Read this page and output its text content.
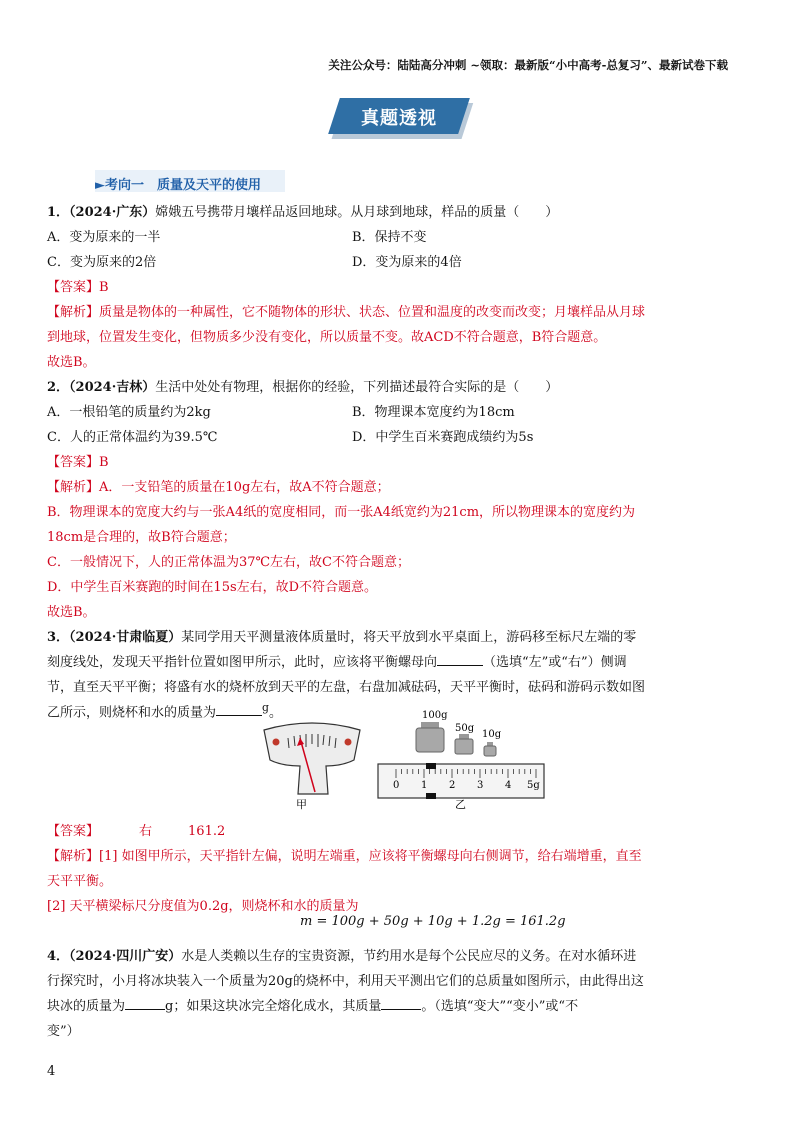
关注公众号：陆陆高分冲刺 ~领取：最新版“小中高考-总复习”、最新试卷下载
真题透视
►考向一　质量及天平的使用
1．（2024·广东）嫦娥五号携带月壤样品返回地球。从月球到地球，样品的质量（　　）
A．变为原来的一半	B．保持不变
C．变为原来的2倍	D．变为原来的4倍
【答案】B
【解析】质量是物体的一种属性，它不随物体的形状、状态、位置和温度的改变而改变；月壤样品从月球
到地球，位置发生变化，但物质多少没有变化，所以质量不变。故ACD不符合题意，B符合题意。
故选B。
2．（2024·吉林）生活中处处有物理，根据你的经验，下列描述最符合实际的是（　　）
A．一根铅笔的质量约为2kg	B．物理课本宽度约为18cm
C．人的正常体温约为39.5℃	D．中学生百米赛跑成绩约为5s
【答案】B
【解析】A．一支铅笔的质量在10g左右，故A不符合题意；
B．物理课本的宽度大约与一张A4纸的宽度相同，而一张A4纸宽约为21cm，所以物理课本的宽度约为
18cm是合理的，故B符合题意；
C．一般情况下，人的正常体温为37℃左右，故C不符合题意；
D．中学生百米赛跑的时间在15s左右，故D不符合题意。
故选B。
3．（2024·甘肃临夏）某同学用天平测量液体质量时，将天平放到水平桌面上，游码移至标尺左端的零
刻度线处，发现天平指针位置如图甲所示，此时，应该将平衡螺母向	（选填“左”或“右”）侧调
节，直至天平平衡；将盛有水的烧杯放到天平的左盘，右盘加减砝码，天平平衡时，砝码和游码示数如图
乙所示，则烧杯和水的质量为	$^g$。	100g
50g
10g
0 1 2 3 4 5g
甲	乙
【答案】	右	161.2
【解析】[1] 如图甲所示，天平指针左偏，说明左端重，应该将平衡螺母向右侧调节，给右端增重，直至
天平平衡。
[2] 天平横梁标尺分度值为0.2g，则烧杯和水的质量为
m = 100g + 50g + 10g + 1.2g = 161.2g
4．（2024·四川广安）水是人类赖以生存的宝贵资源，节约用水是每个公民应尽的义务。在对水循环进
行探究时，小月将冰块装入一个质量为20g的烧杯中，利用天平测出它们的总质量如图所示，由此得出这
块冰的质量为	g；如果这块冰完全熔化成水，其质量	。（选填“变大”“变小”或“不
变”）
4
